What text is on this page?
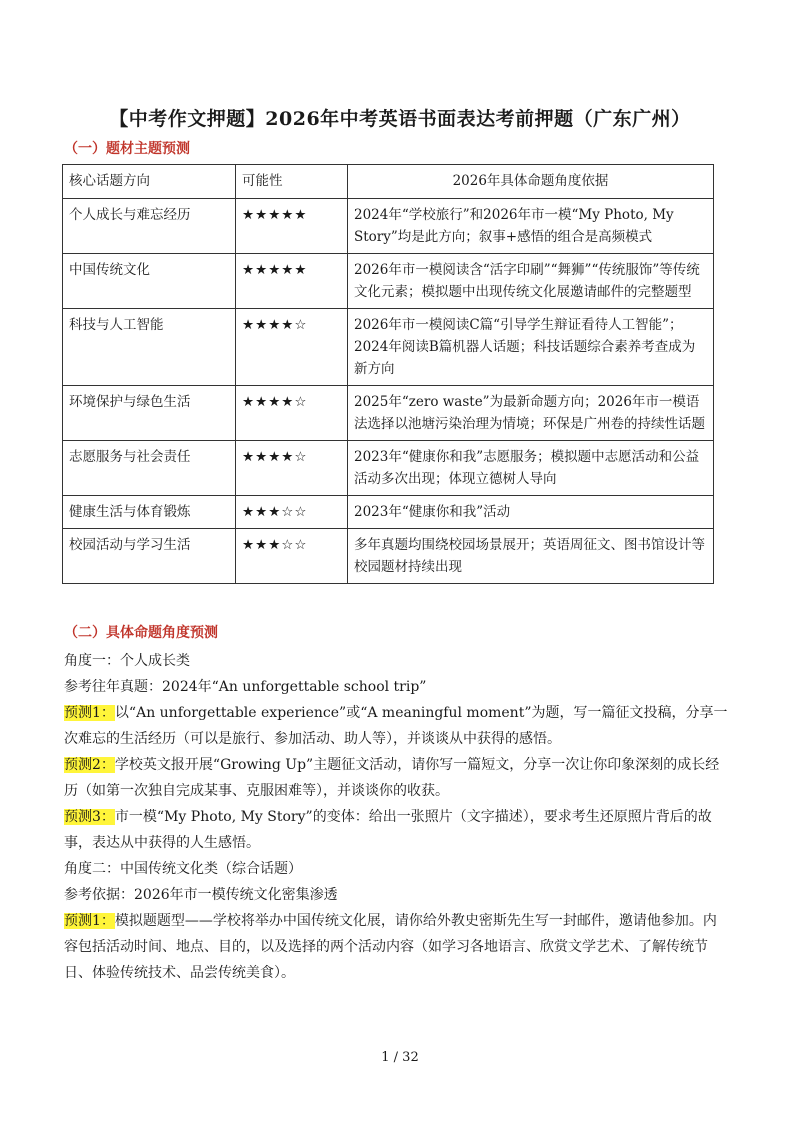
【中考作文押题】2026年中考英语书面表达考前押题（广东广州）
（一）题材主题预测
核心话题方向	可能性	2026年具体命题角度依据
个人成长与难忘经历	★★★★★	2024年“学校旅行”和2026年市一模“My Photo, My Story”均是此方向；叙事+感悟的组合是高频模式
中国传统文化	★★★★★	2026年市一模阅读含“活字印刷”“舞狮”“传统服饰”等传统文化元素；模拟题中出现传统文化展邀请邮件的完整题型
科技与人工智能	★★★★☆	2026年市一模阅读C篇“引导学生辩证看待人工智能”；2024年阅读B篇机器人话题；科技话题综合素养考查成为新方向
环境保护与绿色生活	★★★★☆	2025年“zero waste”为最新命题方向；2026年市一模语法选择以池塘污染治理为情境；环保是广州卷的持续性话题
志愿服务与社会责任	★★★★☆	2023年“健康你和我”志愿服务；模拟题中志愿活动和公益活动多次出现；体现立德树人导向
健康生活与体育锻炼	★★★☆☆	2023年“健康你和我”活动
校园活动与学习生活	★★★☆☆	多年真题均围绕校园场景展开；英语周征文、图书馆设计等校园题材持续出现
（二）具体命题角度预测
角度一：个人成长类
参考往年真题：2024年“An unforgettable school trip”
预测1：以“An unforgettable experience”或“A meaningful moment”为题，写一篇征文投稿，分享一次难忘的生活经历（可以是旅行、参加活动、助人等），并谈谈从中获得的感悟。
预测2：学校英文报开展“Growing Up”主题征文活动，请你写一篇短文，分享一次让你印象深刻的成长经历（如第一次独自完成某事、克服困难等），并谈谈你的收获。
预测3：市一模“My Photo, My Story”的变体：给出一张照片（文字描述），要求考生还原照片背后的故事，表达从中获得的人生感悟。
角度二：中国传统文化类（综合话题）
参考依据：2026年市一模传统文化密集渗透
预测1：模拟题题型——学校将举办中国传统文化展，请你给外教史密斯先生写一封邮件，邀请他参加。内容包括活动时间、地点、目的，以及选择的两个活动内容（如学习各地语言、欣赏文学艺术、了解传统节日、体验传统技术、品尝传统美食）。
1 / 32
